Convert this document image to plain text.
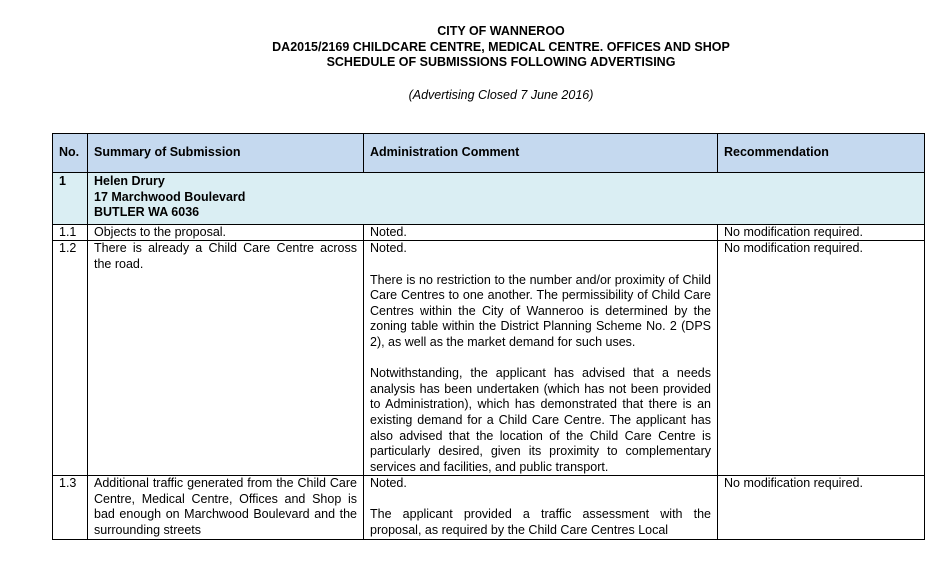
CITY OF WANNEROO
DA2015/2169 CHILDCARE CENTRE, MEDICAL CENTRE. OFFICES AND SHOP
SCHEDULE OF SUBMISSIONS FOLLOWING ADVERTISING
(Advertising Closed 7 June 2016)
No.	Summary of Submission	Administration Comment	Recommendation
1	Helen Drury
17 Marchwood Boulevard
BUTLER WA 6036		

1.1	Objects to the proposal.	Noted.	No modification required.
1.2	There is already a Child Care Centre across the road.	Noted.
There is no restriction to the number and/or proximity of Child Care Centres to one another. The permissibility of Child Care Centres within the City of Wanneroo is determined by the zoning table within the District Planning Scheme No. 2 (DPS 2), as well as the market demand for such uses.
Notwithstanding, the applicant has advised that a needs analysis has been undertaken (which has not been provided to Administration), which has demonstrated that there is an existing demand for a Child Care Centre. The applicant has also advised that the location of the Child Care Centre is particularly desired, given its proximity to complementary services and facilities, and public transport.	No modification required.
1.3	Additional traffic generated from the Child Care Centre, Medical Centre, Offices and Shop is bad enough on Marchwood Boulevard and the surrounding streets	Noted.
The applicant provided a traffic assessment with the proposal, as required by the Child Care Centres Local	No modification required.
